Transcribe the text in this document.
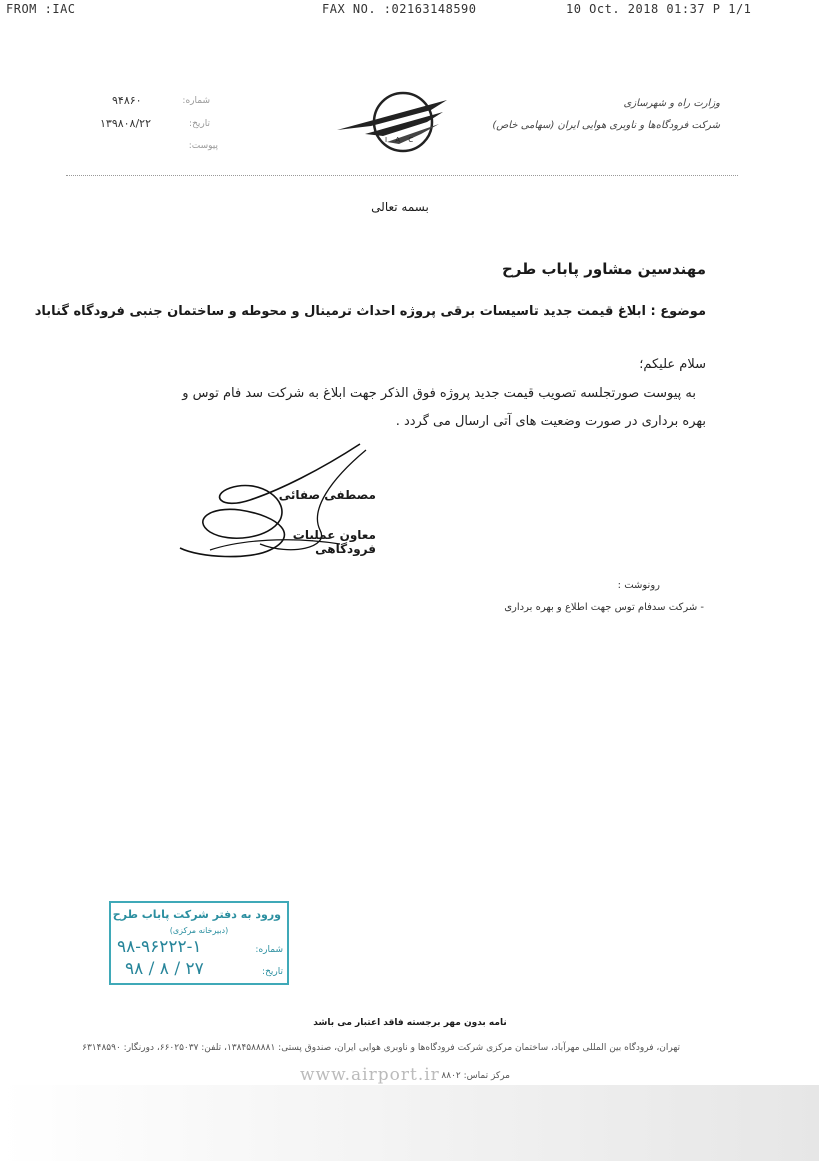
FROM :IAC	FAX NO. :02163148590	10 Oct. 2018 01:37 P 1/1
۹۴۸۶۰
۱۳۹۸۰۸/۲۲
شماره:
تاریخ:
پیوست:
I A C
وزارت راه و شهرسازی
شرکت فرودگاه‌ها و ناوبری هوایی ایران (سهامی خاص)
بسمه تعالی
مهندسین مشاور پاباب طرح
موضوع : ابلاغ قیمت جدید تاسیسات برقی پروژه احداث ترمینال و محوطه و ساختمان جنبی فرودگاه گناباد
سلام علیکم؛
به پیوست صورتجلسه تصویب قیمت جدید پروژه فوق الذکر جهت ابلاغ به شرکت سد فام توس و
بهره برداری در صورت وضعیت های آتی ارسال می گردد .
مصطفی صفائی
معاون عملیات فرودگاهی
رونوشت :
- شرکت سدفام توس جهت اطلاع و بهره برداری
ورود به دفتر شرکت پاباب طرح
(دبیرخانه مرکزی)
شماره:
۹۸-۹۶۲۲۲-۱
تاریخ:
۹۸ / ۸ / ۲۷
نامه بدون مهر برجسته فاقد اعتبار می باشد
تهران، فرودگاه بین المللی مهرآباد، ساختمان مرکزی شرکت فرودگاه‌ها و ناوبری هوایی ایران، صندوق پستی: ۱۳۸۴۵۸۸۸۸۱، تلفن: ۶۶۰۲۵۰۳۷، دورنگار: ۶۳۱۴۸۵۹۰
مرکز تماس: ۸۸۰۲
www.airport.ir
